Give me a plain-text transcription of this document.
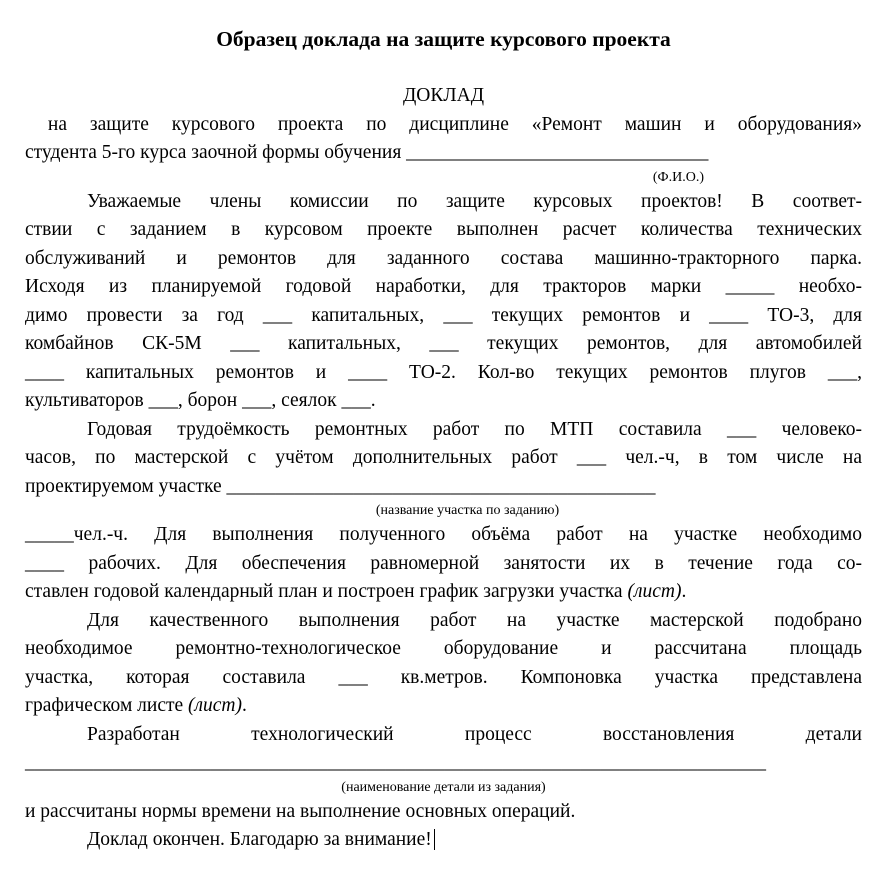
Образец доклада на защите курсового проекта
ДОКЛАД
на защите курсового проекта по дисциплине «Ремонт машин и оборудования»
студента 5-го курса заочной формы обучения _______________________________
(Ф.И.О.)
Уважаемые члены комиссии по защите курсовых проектов! В соответ-
ствии с заданием в курсовом проекте выполнен расчет количества технических
обслуживаний и ремонтов для заданного состава машинно-тракторного парка.
Исходя из планируемой годовой наработки, для тракторов марки _____ необхо-
димо провести за год ___ капитальных, ___ текущих ремонтов и ____ ТО-3, для
комбайнов СК-5М ___ капитальных, ___ текущих ремонтов, для автомобилей
____ капитальных ремонтов и ____ ТО-2. Кол-во текущих ремонтов плугов ___,
культиваторов ___, борон ___, сеялок ___.
Годовая трудоёмкость ремонтных работ по МТП составила ___ человеко-
часов, по мастерской с учётом дополнительных работ ___ чел.-ч, в том числе на
проектируемом участке ____________________________________________
(название участка по заданию)
_____чел.-ч. Для выполнения полученного объёма работ на участке необходимо
____ рабочих. Для обеспечения равномерной занятости их в течение года со-
ставлен годовой календарный план и построен график загрузки участка (лист).
Для качественного выполнения работ на участке мастерской подобрано
необходимое ремонтно-технологическое оборудование и рассчитана площадь
участка, которая составила ___ кв.метров. Компоновка участка представлена
графическом листе (лист).
Разработан технологический процесс восстановления детали
____________________________________________________________________________
(наименование детали из задания)
и рассчитаны нормы времени на выполнение основных операций.
Доклад окончен. Благодарю за внимание!
